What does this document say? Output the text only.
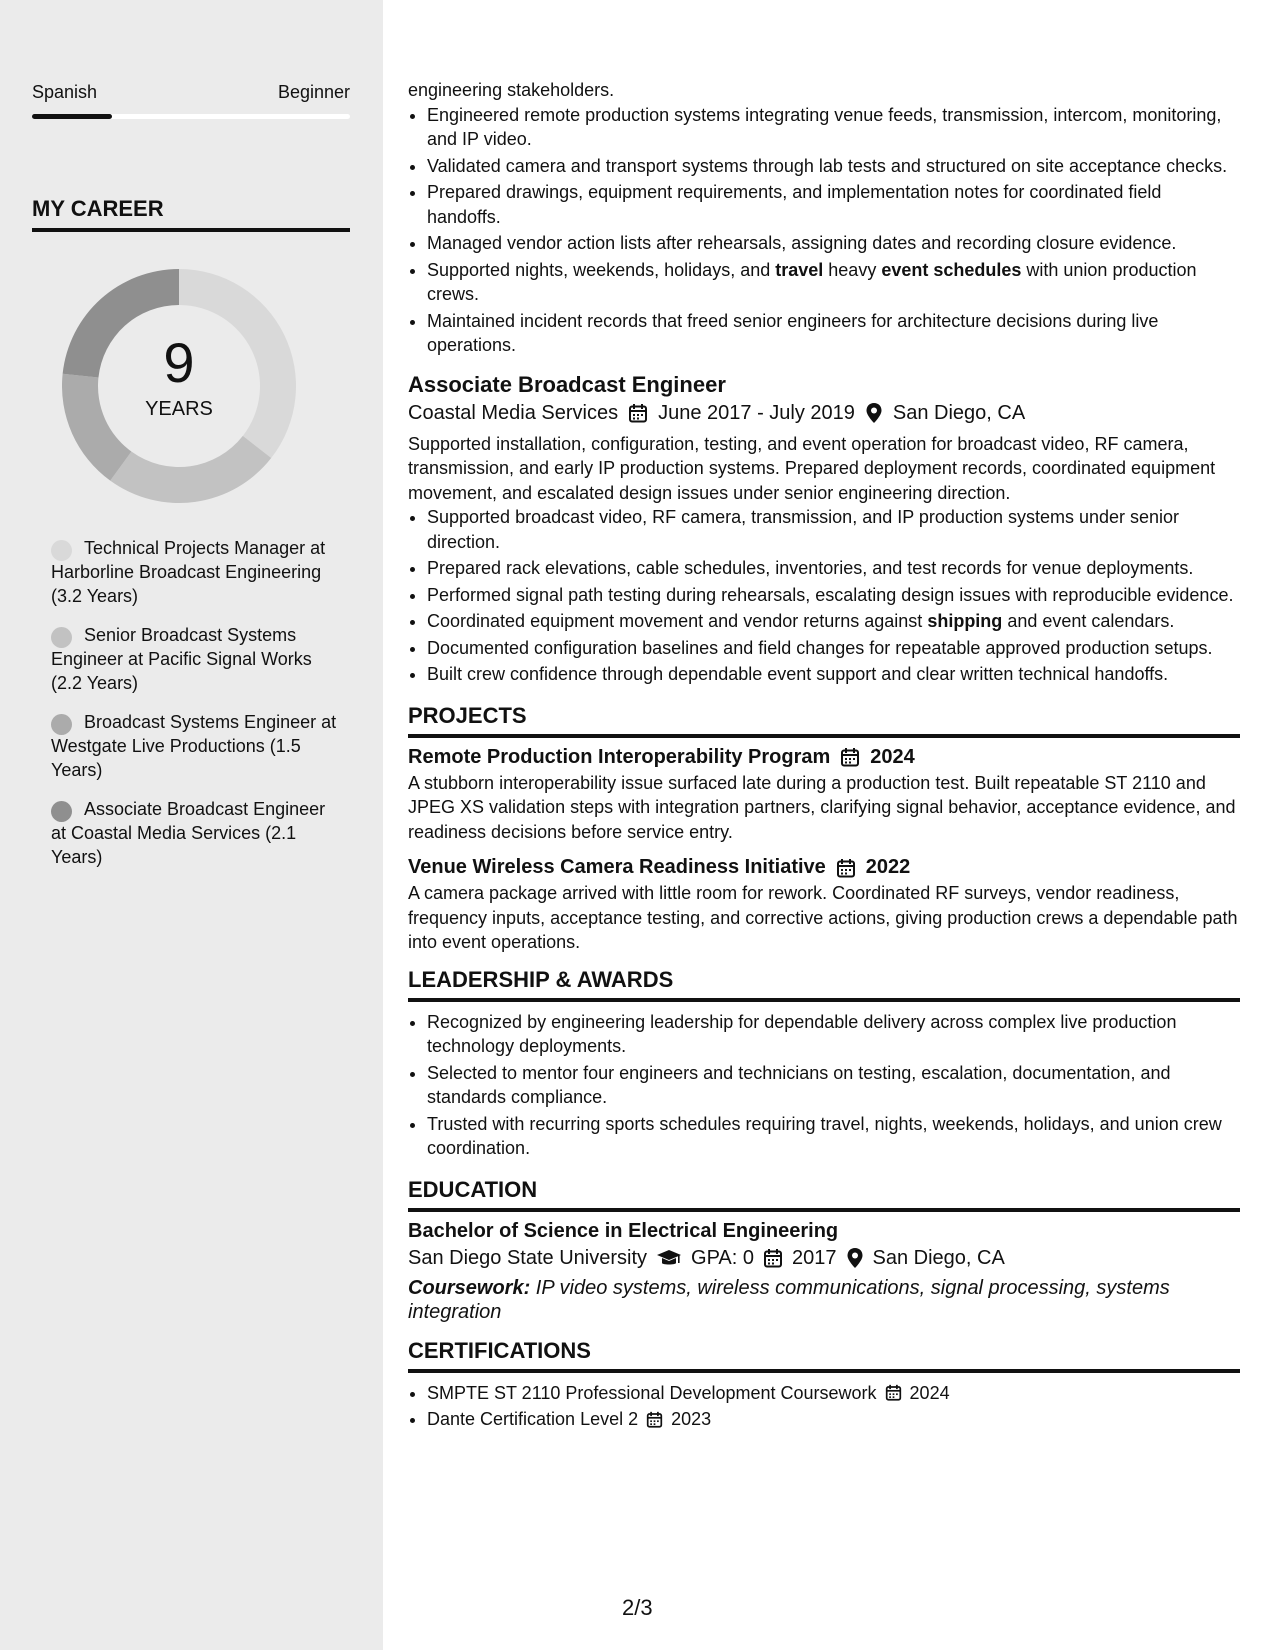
Spanish	Beginner
MY CAREER
9
YEARS
Technical Projects Manager at Harborline Broadcast Engineering (3.2 Years)
Senior Broadcast Systems Engineer at Pacific Signal Works (2.2 Years)
Broadcast Systems Engineer at Westgate Live Productions (1.5 Years)
Associate Broadcast Engineer at Coastal Media Services (2.1 Years)

engineering stakeholders.

• Engineered remote production systems integrating venue feeds, transmission, intercom, monitoring, and IP video.
• Validated camera and transport systems through lab tests and structured on site acceptance checks.
• Prepared drawings, equipment requirements, and implementation notes for coordinated field handoffs.
• Managed vendor action lists after rehearsals, assigning dates and recording closure evidence.
• Supported nights, weekends, holidays, and travel heavy event schedules with union production crews.
• Maintained incident records that freed senior engineers for architecture decisions during live operations.
Associate Broadcast Engineer
Coastal Media Services June 2017 - July 2019 San Diego, CA

Supported installation, configuration, testing, and event operation for broadcast video, RF camera, transmission, and early IP production systems. Prepared deployment records, coordinated equipment movement, and escalated design issues under senior engineering direction.

• Supported broadcast video, RF camera, transmission, and IP production systems under senior direction.
• Prepared rack elevations, cable schedules, inventories, and test records for venue deployments.
• Performed signal path testing during rehearsals, escalating design issues with reproducible evidence.
• Coordinated equipment movement and vendor returns against shipping and event calendars.
• Documented configuration baselines and field changes for repeatable approved production setups.
• Built crew confidence through dependable event support and clear written technical handoffs.
PROJECTS
Remote Production Interoperability Program 2024

A stubborn interoperability issue surfaced late during a production test. Built repeatable ST 2110 and JPEG XS validation steps with integration partners, clarifying signal behavior, acceptance evidence, and readiness decisions before service entry.

Venue Wireless Camera Readiness Initiative 2022

A camera package arrived with little room for rework. Coordinated RF surveys, vendor readiness, frequency inputs, acceptance testing, and corrective actions, giving production crews a dependable path into event operations.

LEADERSHIP & AWARDS
• Recognized by engineering leadership for dependable delivery across complex live production technology deployments.
• Selected to mentor four engineers and technicians on testing, escalation, documentation, and standards compliance.
• Trusted with recurring sports schedules requiring travel, nights, weekends, holidays, and union crew coordination.
EDUCATION
Bachelor of Science in Electrical Engineering
San Diego State University GPA: 0 2017 San Diego, CA
Coursework: IP video systems, wireless communications, signal processing, systems integration
CERTIFICATIONS
• SMPTE ST 2110 Professional Development Coursework 2024
• Dante Certification Level 2 2023
2/3
